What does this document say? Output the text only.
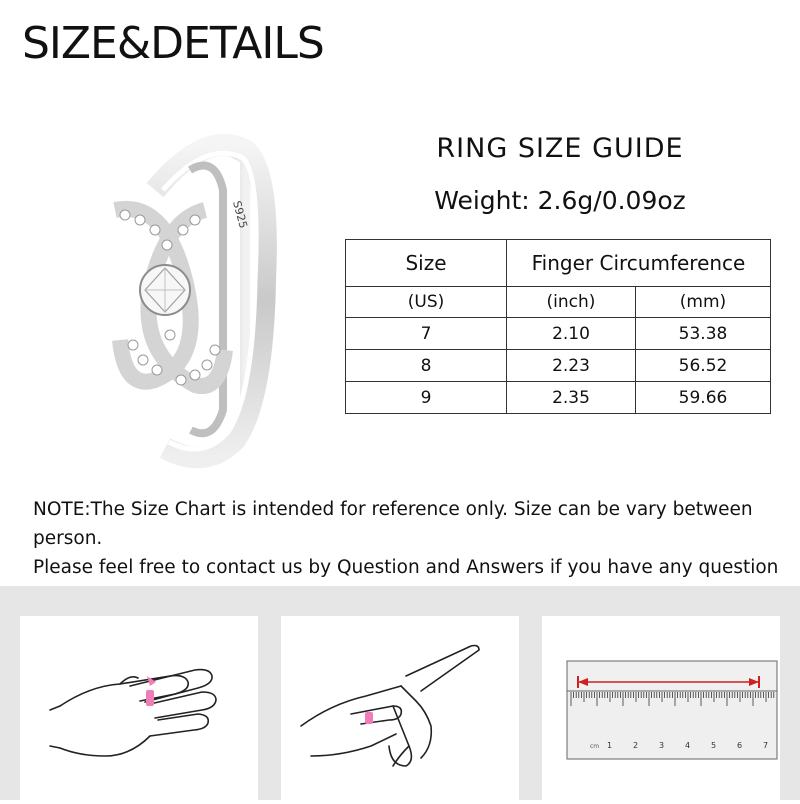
SIZE&DETAILS
S925
RING SIZE GUIDE
Weight: 2.6g/0.09oz
Size	Finger Circumference	
(US)	(inch)	(mm)
7	2.10	53.38
8	2.23	56.52
9	2.35	59.66
NOTE:The Size Chart is intended for reference only. Size can be vary between person.
Please feel free to contact us by Question and Answers if you have any question
cm 1	2	3	4	5	6	7
